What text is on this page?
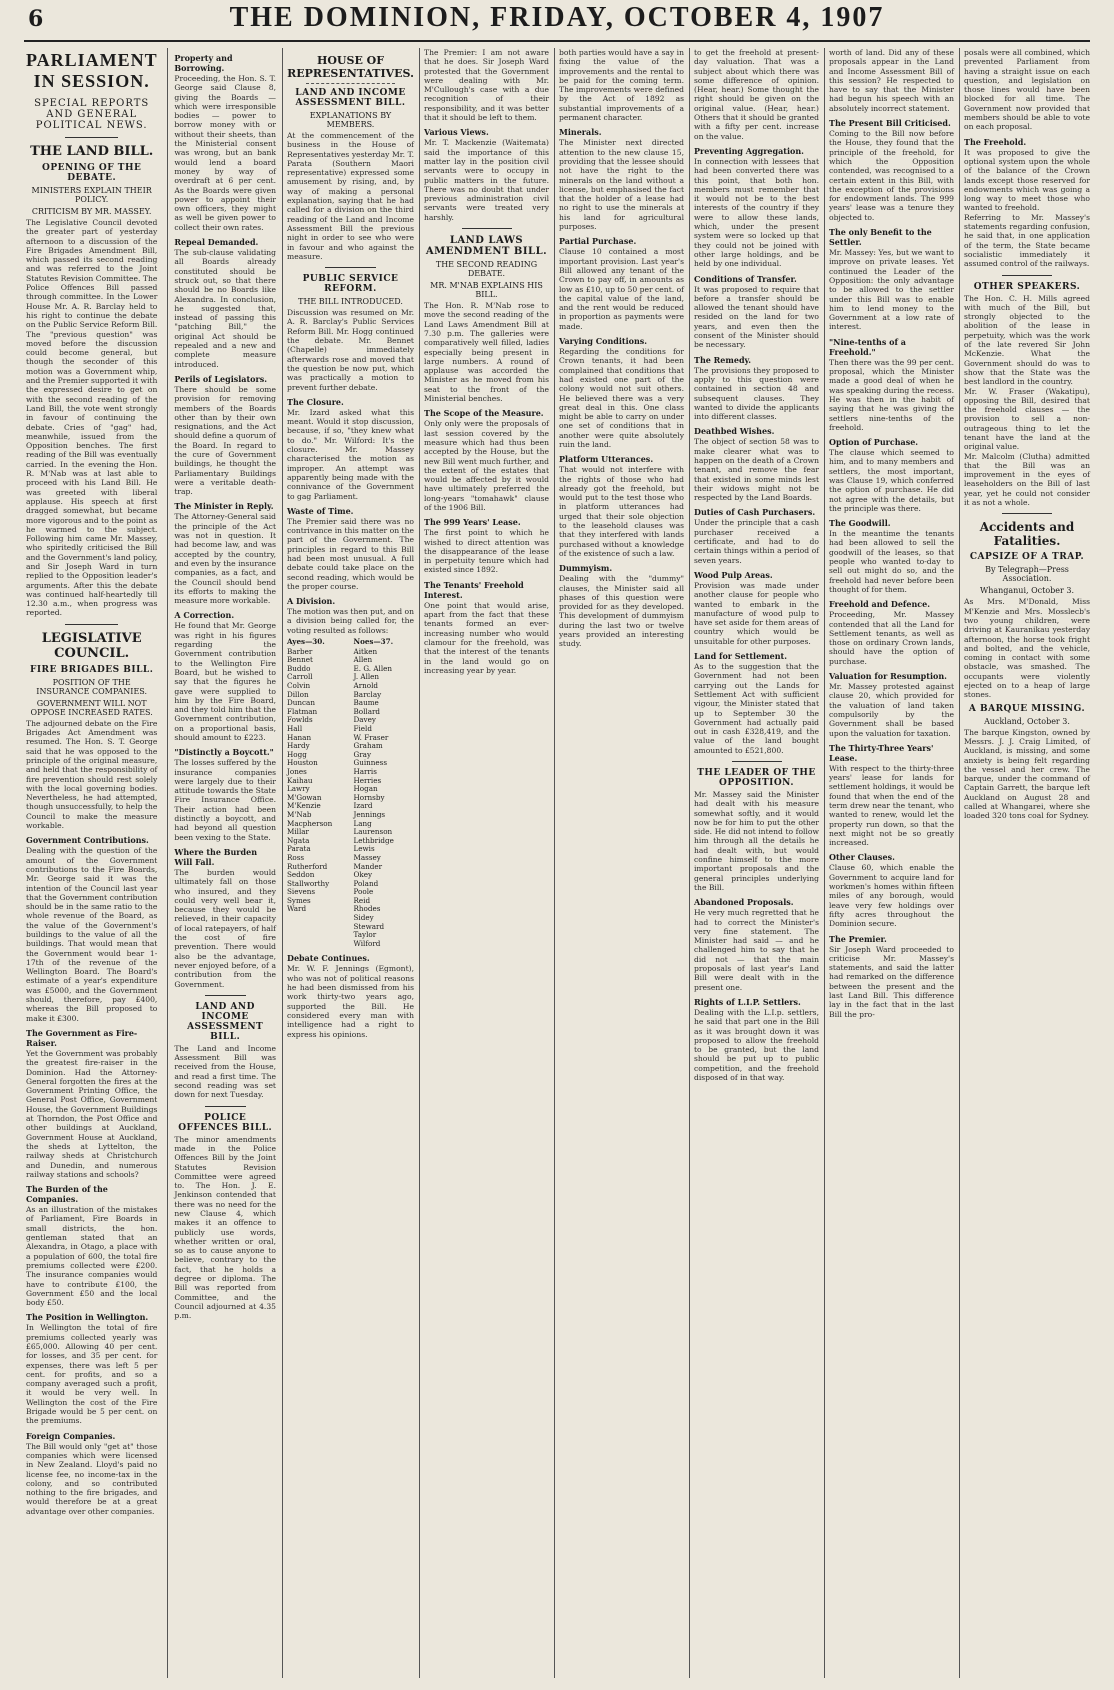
6	THE DOMINION, FRIDAY, OCTOBER 4, 1907
PARLIAMENT IN SESSION.
SPECIAL REPORTS AND GENERAL POLITICAL NEWS.
THE LAND BILL.
OPENING OF THE DEBATE.
MINISTERS EXPLAIN THEIR POLICY.
CRITICISM BY MR. MASSEY.

The Legislative Council devoted the greater part of yesterday afternoon to a discussion of the Fire Brigades Amendment Bill, which passed its second reading and was referred to the Joint Statutes Revision Committee. The Police Offences Bill passed through committee. In the Lower House Mr. A. R. Barclay held to his right to continue the debate on the Public Service Reform Bill. The "previous question" was moved before the discussion could become general, but though the seconder of this motion was a Government whip, and the Premier supported it with the expressed desire to get on with the second reading of the Land Bill, the vote went strongly in favour of continuing the debate. Cries of "gag" had, meanwhile, issued from the Opposition benches. The first reading of the Bill was eventually carried. In the evening the Hon. R. M'Nab was at last able to proceed with his Land Bill. He was greeted with liberal applause. His speech at first dragged somewhat, but became more vigorous and to the point as he warmed to the subject. Following him came Mr. Massey, who spiritedly criticised the Bill and the Government's land policy, and Sir Joseph Ward in turn replied to the Opposition leader's arguments. After this the debate was continued half-heartedly till 12.30 a.m., when progress was reported.

LEGISLATIVE COUNCIL.
FIRE BRIGADES BILL.
POSITION OF THE INSURANCE COMPANIES.
GOVERNMENT WILL NOT OPPOSE INCREASED RATES.

The adjourned debate on the Fire Brigades Act Amendment was resumed. The Hon. S. T. George said that he was opposed to the principle of the original measure, and held that the responsibility of fire prevention should rest solely with the local governing bodies. Nevertheless, he had attempted, though unsuccessfully, to help the Council to make the measure workable.

Government Contributions.

Dealing with the question of the amount of the Government contributions to the Fire Boards, Mr. George said it was the intention of the Council last year that the Government contribution should be in the same ratio to the whole revenue of the Board, as the value of the Government's buildings to the value of all the buildings. That would mean that the Government would bear 1-17th of the revenue of the Wellington Board. The Board's estimate of a year's expenditure was £5000, and the Government should, therefore, pay £400, whereas the Bill proposed to make it £300.

The Government as Fire-Raiser.

Yet the Government was probably the greatest fire-raiser in the Dominion. Had the Attorney-General forgotten the fires at the Government Printing Office, the General Post Office, Government House, the Government Buildings at Thorndon, the Post Office and other buildings at Auckland, Government House at Auckland, the sheds at Lyttelton, the railway sheds at Christchurch and Dunedin, and numerous railway stations and schools?

The Burden of the Companies.

As an illustration of the mistakes of Parliament, Fire Boards in small districts, the hon. gentleman stated that an Alexandra, in Otago, a place with a population of 600, the total fire premiums collected were £200. The insurance companies would have to contribute £100, the Government £50 and the local body £50.

The Position in Wellington.

In Wellington the total of fire premiums collected yearly was £65,000. Allowing 40 per cent. for losses, and 35 per cent. for expenses, there was left 5 per cent. for profits, and so a company averaged such a profit, it would be very well. In Wellington the cost of the Fire Brigade would be 5 per cent. on the premiums.

Foreign Companies.

The Bill would only "get at" those companies which were licensed in New Zealand. Lloyd's paid no license fee, no income-tax in the colony, and so contributed nothing to the fire brigades, and would therefore be at a great advantage over other companies.

Property and Borrowing.

Proceeding, the Hon. S. T. George said Clause 8, giving the Boards — which were irresponsible bodies — power to borrow money with or without their sheets, than the Ministerial consent was wrong, but an bank would lend a board money by way of overdraft at 6 per cent. As the Boards were given power to appoint their own officers, they might as well be given power to collect their own rates.

Repeal Demanded.

The sub-clause validating all Boards already constituted should be struck out, so that there should be no Boards like Alexandra. In conclusion, he suggested that, instead of passing this "patching Bill," the original Act should be repealed and a new and complete measure introduced.

Perils of Legislators.

There should be some provision for removing members of the Boards other than by their own resignations, and the Act should define a quorum of the Board. In regard to the cure of Government buildings, he thought the Parliamentary Buildings were a veritable death-trap.

The Minister in Reply.

The Attorney-General said the principle of the Act was not in question. It had become law, and was accepted by the country, and even by the insurance companies, as a fact, and the Council should bend its efforts to making the measure more workable.

A Correction.

He found that Mr. George was right in his figures regarding the Government contribution to the Wellington Fire Board, but he wished to say that the figures he gave were supplied to him by the Fire Board, and they told him that the Government contribution, on a proportional basis, should amount to £223.

"Distinctly a Boycott."

The losses suffered by the insurance companies were largely due to their attitude towards the State Fire Insurance Office. Their action had been distinctly a boycott, and had beyond all question been vexing to the State.

Where the Burden Will Fall.

The burden would ultimately fall on those who insured, and they could very well bear it, because they would be relieved, in their capacity of local ratepayers, of half the cost of fire prevention. There would also be the advantage, never enjoyed before, of a contribution from the Government.

LAND AND INCOME ASSESSMENT BILL.

The Land and Income Assessment Bill was received from the House, and read a first time. The second reading was set down for next Tuesday.

POLICE OFFENCES BILL.

The minor amendments made in the Police Offences Bill by the Joint Statutes Revision Committee were agreed to. The Hon. J. E. Jenkinson contended that there was no need for the new Clause 4, which makes it an offence to publicly use words, whether written or oral, so as to cause anyone to believe, contrary to the fact, that he holds a degree or diploma. The Bill was reported from Committee, and the Council adjourned at 4.35 p.m.

HOUSE OF REPRESENTATIVES.
LAND AND INCOME ASSESSMENT BILL.
EXPLANATIONS BY MEMBERS.

At the commencement of the business in the House of Representatives yesterday Mr. T. Parata (Southern Maori representative) expressed some amusement by rising, and, by way of making a personal explanation, saying that he had called for a division on the third reading of the Land and Income Assessment Bill the previous night in order to see who were in favour and who against the measure.

PUBLIC SERVICE REFORM.
THE BILL INTRODUCED.

Discussion was resumed on Mr. A. R. Barclay's Public Services Reform Bill. Mr. Hogg continued the debate. Mr. Bennet (Chapelle) immediately afterwards rose and moved that the question be now put, which was practically a motion to prevent further debate.

The Closure.

Mr. Izard asked what this meant. Would it stop discussion, because, if so, "they knew what to do." Mr. Wilford: It's the closure. Mr. Massey characterised the motion as improper. An attempt was apparently being made with the connivance of the Government to gag Parliament.

Waste of Time.

The Premier said there was no contrivance in this matter on the part of the Government. The principles in regard to this Bill had been most unusual. A full debate could take place on the second reading, which would be the proper course.

A Division.

The motion was then put, and on a division being called for, the voting resulted as follows:

Ayes—30.
Barber
Bennet
Buddo
Carroll
Colvin
Dillon
Duncan
Flatman
Fowlds
Hall
Hanan
Hardy
Hogg
Houston
Jones
Kaihau
Lawry
M'Gowan
M'Kenzie
M'Nab
Macpherson
Millar
Ngata
Parata
Ross
Rutherford
Seddon
Stallworthy
Sievens
Symes
Ward
Noes—37.
Aitken
Allen
E. G. Allen
J. Allen
Arnold
Barclay
Baume
Bollard
Davey
Field
W. Fraser
Graham
Gray
Guinness
Harris
Herries
Hogan
Hornsby
Izard
Jennings
Lang
Laurenson
Lethbridge
Lewis
Massey
Mander
Okey
Poland
Poole
Reid
Rhodes
Sidey
Steward
Taylor
Wilford
Debate Continues.

Mr. W. F. Jennings (Egmont), who was not of political reasons he had been dismissed from his work thirty-two years ago, supported the Bill. He considered every man with intelligence had a right to express his opinions.

The Premier: I am not aware that he does. Sir Joseph Ward protested that the Government were dealing with Mr. M'Cullough's case with a due recognition of their responsibility, and it was better that it should be left to them.

Various Views.

Mr. T. Mackenzie (Waitemata) said the importance of this matter lay in the position civil servants were to occupy in public matters in the future. There was no doubt that under previous administration civil servants were treated very harshly.

LAND LAWS AMENDMENT BILL.
THE SECOND READING DEBATE.
MR. M'NAB EXPLAINS HIS BILL.

The Hon. R. M'Nab rose to move the second reading of the Land Laws Amendment Bill at 7.30 p.m. The galleries were comparatively well filled, ladies especially being present in large numbers. A round of applause was accorded the Minister as he moved from his seat to the front of the Ministerial benches.

The Scope of the Measure.

Only only were the proposals of last session covered by the measure which had thus been accepted by the House, but the new Bill went much further, and the extent of the estates that would be affected by it would have ultimately preferred the long-years "tomahawk" clause of the 1906 Bill.

The 999 Years' Lease.

The first point to which he wished to direct attention was the disappearance of the lease in perpetuity tenure which had existed since 1892.

The Tenants' Freehold Interest.

One point that would arise, apart from the fact that these tenants formed an ever-increasing number who would clamour for the freehold, was that the interest of the tenants in the land would go on increasing year by year.

both parties would have a say in fixing the value of the improvements and the rental to be paid for the coming term. The improvements were defined by the Act of 1892 as substantial improvements of a permanent character.

Minerals.

The Minister next directed attention to the new clause 15, providing that the lessee should not have the right to the minerals on the land without a license, but emphasised the fact that the holder of a lease had no right to use the minerals at his land for agricultural purposes.

Partial Purchase.

Clause 10 contained a most important provision. Last year's Bill allowed any tenant of the Crown to pay off, in amounts as low as £10, up to 50 per cent. of the capital value of the land, and the rent would be reduced in proportion as payments were made.

Varying Conditions.

Regarding the conditions for Crown tenants, it had been complained that conditions that had existed one part of the colony would not suit others. He believed there was a very great deal in this. One class might be able to carry on under one set of conditions that in another were quite absolutely ruin the land.

Platform Utterances.

That would not interfere with the rights of those who had already got the freehold, but would put to the test those who in platform utterances had urged that their sole objection to the leasehold clauses was that they interfered with lands purchased without a knowledge of the existence of such a law.

Dummyism.

Dealing with the "dummy" clauses, the Minister said all phases of this question were provided for as they developed. This development of dummyism during the last two or twelve years provided an interesting study.

to get the freehold at present-day valuation. That was a subject about which there was some difference of opinion. (Hear, hear.) Some thought the right should be given on the original value. (Hear, hear.) Others that it should be granted with a fifty per cent. increase on the value.

Preventing Aggregation.

In connection with lessees that had been converted there was this point, that both hon. members must remember that it would not be to the best interests of the country if they were to allow these lands, which, under the present system were so locked up that they could not be joined with other large holdings, and be held by one individual.

Conditions of Transfer.

It was proposed to require that before a transfer should be allowed the tenant should have resided on the land for two years, and even then the consent of the Minister should be necessary.

The Remedy.

The provisions they proposed to apply to this question were contained in section 48 and subsequent clauses. They wanted to divide the applicants into different classes.

Deathbed Wishes.

The object of section 58 was to make clearer what was to happen on the death of a Crown tenant, and remove the fear that existed in some minds lest their widows might not be respected by the Land Boards.

Duties of Cash Purchasers.

Under the principle that a cash purchaser received a certificate, and had to do certain things within a period of seven years.

Wood Pulp Areas.

Provision was made under another clause for people who wanted to embark in the manufacture of wood pulp to have set aside for them areas of country which would be unsuitable for other purposes.

Land for Settlement.

As to the suggestion that the Government had not been carrying out the Lands for Settlement Act with sufficient vigour, the Minister stated that up to September 30 the Government had actually paid out in cash £328,419, and the value of the land bought amounted to £521,800.

THE LEADER OF THE OPPOSITION.

Mr. Massey said the Minister had dealt with his measure somewhat softly, and it would now be for him to put the other side. He did not intend to follow him through all the details he had dealt with, but would confine himself to the more important proposals and the general principles underlying the Bill.

Abandoned Proposals.

He very much regretted that he had to correct the Minister's very fine statement. The Minister had said — and he challenged him to say that he did not — that the main proposals of last year's Land Bill were dealt with in the present one.

Rights of L.I.P. Settlers.

Dealing with the L.I.p. settlers, he said that part one in the Bill as it was brought down it was proposed to allow the freehold to be granted, but the land should be put up to public competition, and the freehold disposed of in that way.

worth of land. Did any of these proposals appear in the Land and Income Assessment Bill of this session? He respected to have to say that the Minister had begun his speech with an absolutely incorrect statement.

The Present Bill Criticised.

Coming to the Bill now before the House, they found that the principle of the freehold, for which the Opposition contended, was recognised to a certain extent in this Bill, with the exception of the provisions for endowment lands. The 999 years' lease was a tenure they objected to.

The only Benefit to the Settler.

Mr. Massey: Yes, but we want to improve on private leases. Yet continued the Leader of the Opposition: the only advantage to be allowed to the settler under this Bill was to enable him to lend money to the Government at a low rate of interest.

"Nine-tenths of a Freehold."

Then there was the 99 per cent. proposal, which the Minister made a good deal of when he was speaking during the recess. He was then in the habit of saying that he was giving the settlers nine-tenths of the freehold.

Option of Purchase.

The clause which seemed to him, and to many members and settlers, the most important, was Clause 19, which conferred the option of purchase. He did not agree with the details, but the principle was there.

The Goodwill.

In the meantime the tenants had been allowed to sell the goodwill of the leases, so that people who wanted to-day to sell out might do so, and the freehold had never before been thought of for them.

Freehold and Defence.

Proceeding, Mr. Massey contended that all the Land for Settlement tenants, as well as those on ordinary Crown lands, should have the option of purchase.

Valuation for Resumption.

Mr. Massey protested against clause 20, which provided for the valuation of land taken compulsorily by the Government shall be based upon the valuation for taxation.

The Thirty-Three Years' Lease.

With respect to the thirty-three years' lease for lands for settlement holdings, it would be found that when the end of the term drew near the tenant, who wanted to renew, would let the property run down, so that the next might not be so greatly increased.

Other Clauses.

Clause 60, which enable the Government to acquire land for workmen's homes within fifteen miles of any borough, would leave very few holdings over fifty acres throughout the Dominion secure.

The Premier.

Sir Joseph Ward proceeded to criticise Mr. Massey's statements, and said the latter had remarked on the difference between the present and the last Land Bill. This difference lay in the fact that in the last Bill the pro-

posals were all combined, which prevented Parliament from having a straight issue on each question, and legislation on those lines would have been blocked for all time. The Government now provided that members should be able to vote on each proposal.

The Freehold.

It was proposed to give the optional system upon the whole of the balance of the Crown lands except those reserved for endowments which was going a long way to meet those who wanted to freehold.

Referring to Mr. Massey's statements regarding confusion, he said that, in one application of the term, the State became socialistic immediately it assumed control of the railways.

OTHER SPEAKERS.

The Hon. C. H. Mills agreed with much of the Bill, but strongly objected to the abolition of the lease in perpetuity, which was the work of the late revered Sir John McKenzie. What the Government should do was to show that the State was the best landlord in the country.

Mr. W. Fraser (Wakatipu), opposing the Bill, desired that the freehold clauses — the provision to sell a non-outrageous thing to let the tenant have the land at the original value.

Mr. Malcolm (Clutha) admitted that the Bill was an improvement in the eyes of leaseholders on the Bill of last year, yet he could not consider it as not a whole.

Accidents and Fatalities.
CAPSIZE OF A TRAP.
By Telegraph—Press Association.
Whanganui, October 3.

As Mrs. M'Donald, Miss M'Kenzie and Mrs. Mosslecb's two young children, were driving at Kauranikau yesterday afternoon, the horse took fright and bolted, and the vehicle, coming in contact with some obstacle, was smashed. The occupants were violently ejected on to a heap of large stones.

A BARQUE MISSING.
Auckland, October 3.

The barque Kingston, owned by Messrs. J. J. Craig Limited, of Auckland, is missing, and some anxiety is being felt regarding the vessel and her crew. The barque, under the command of Captain Garrett, the barque left Auckland on August 28 and called at Whangarei, where she loaded 320 tons coal for Sydney.
